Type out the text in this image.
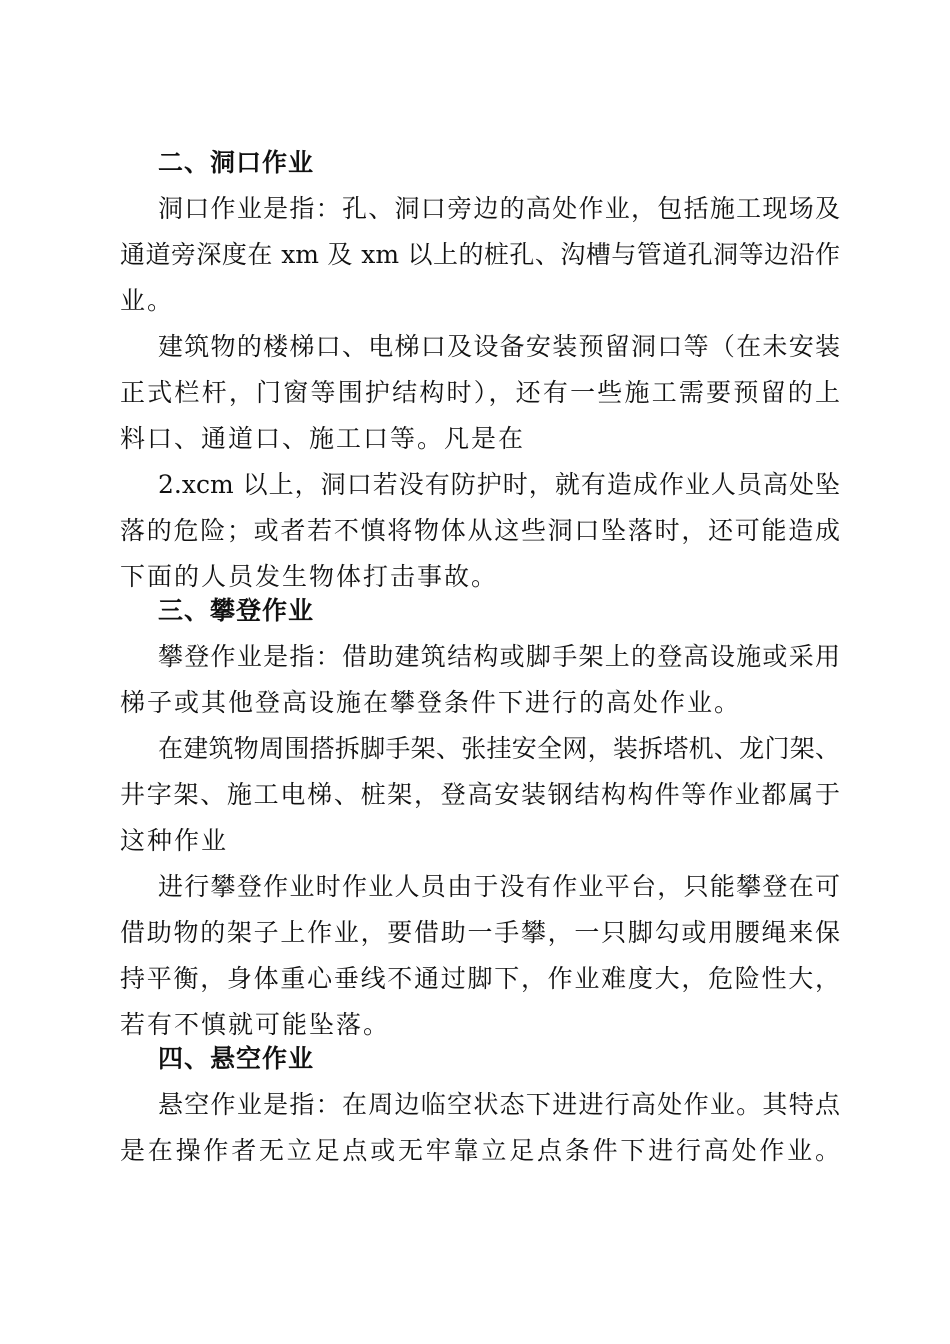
二、洞口作业

洞口作业是指：孔、洞口旁边的高处作业，包括施工现场及

通道旁深度在 xm 及 xm 以上的桩孔、沟槽与管道孔洞等边沿作

业。

建筑物的楼梯口、电梯口及设备安装预留洞口等（在未安装

正式栏杆，门窗等围护结构时），还有一些施工需要预留的上

料口、通道口、施工口等。凡是在

2.xcm 以上，洞口若没有防护时，就有造成作业人员高处坠

落的危险；或者若不慎将物体从这些洞口坠落时，还可能造成

下面的人员发生物体打击事故。

三、攀登作业

攀登作业是指：借助建筑结构或脚手架上的登高设施或采用

梯子或其他登高设施在攀登条件下进行的高处作业。

在建筑物周围搭拆脚手架、张挂安全网，装拆塔机、龙门架、

井字架、施工电梯、桩架，登高安装钢结构构件等作业都属于

这种作业

进行攀登作业时作业人员由于没有作业平台，只能攀登在可

借助物的架子上作业，要借助一手攀，一只脚勾或用腰绳来保

持平衡，身体重心垂线不通过脚下，作业难度大，危险性大，

若有不慎就可能坠落。

四、悬空作业

悬空作业是指：在周边临空状态下进进行高处作业。其特点

是在操作者无立足点或无牢靠立足点条件下进行高处作业。
